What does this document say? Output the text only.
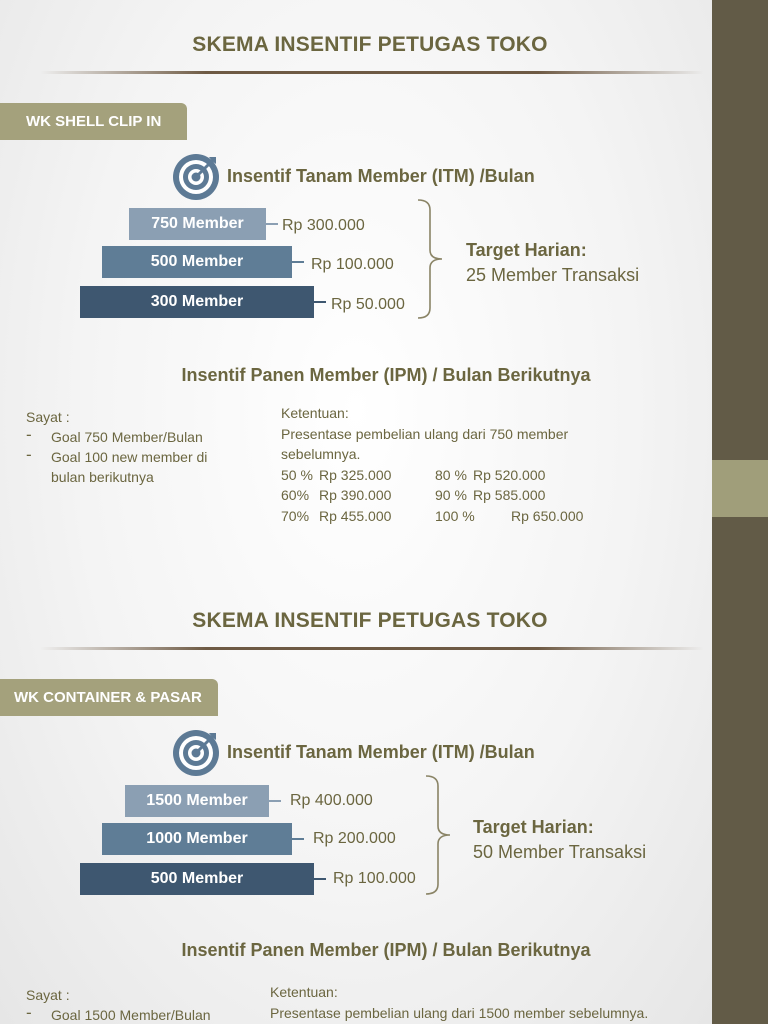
SKEMA INSENTIF PETUGAS TOKO
WK SHELL CLIP IN
Insentif Tanam Member (ITM) /Bulan
750 Member	Rp 300.000
500 Member	Rp 100.000
300 Member	Rp 50.000
Target Harian:
25 Member Transaksi
Insentif Panen Member (IPM) / Bulan Berikutnya
Sayat :
- Goal 750 Member/Bulan
- Goal 100 new member di bulan berikutnya
Ketentuan:
Presentase pembelian ulang dari 750 member
sebelumnya.
50 % Rp 325.000	80 % Rp 520.000
60% Rp 390.000	90 % Rp 585.000
70% Rp 455.000	100 %	Rp 650.000
SKEMA INSENTIF PETUGAS TOKO
WK CONTAINER & PASAR
Insentif Tanam Member (ITM) /Bulan
1500 Member	Rp 400.000
1000 Member	Rp 200.000
500 Member	Rp 100.000
Target Harian:
50 Member Transaksi
Insentif Panen Member (IPM) / Bulan Berikutnya
Sayat :
- Goal 1500 Member/Bulan
Ketentuan:
Presentase pembelian ulang dari 1500 member sebelumnya.
